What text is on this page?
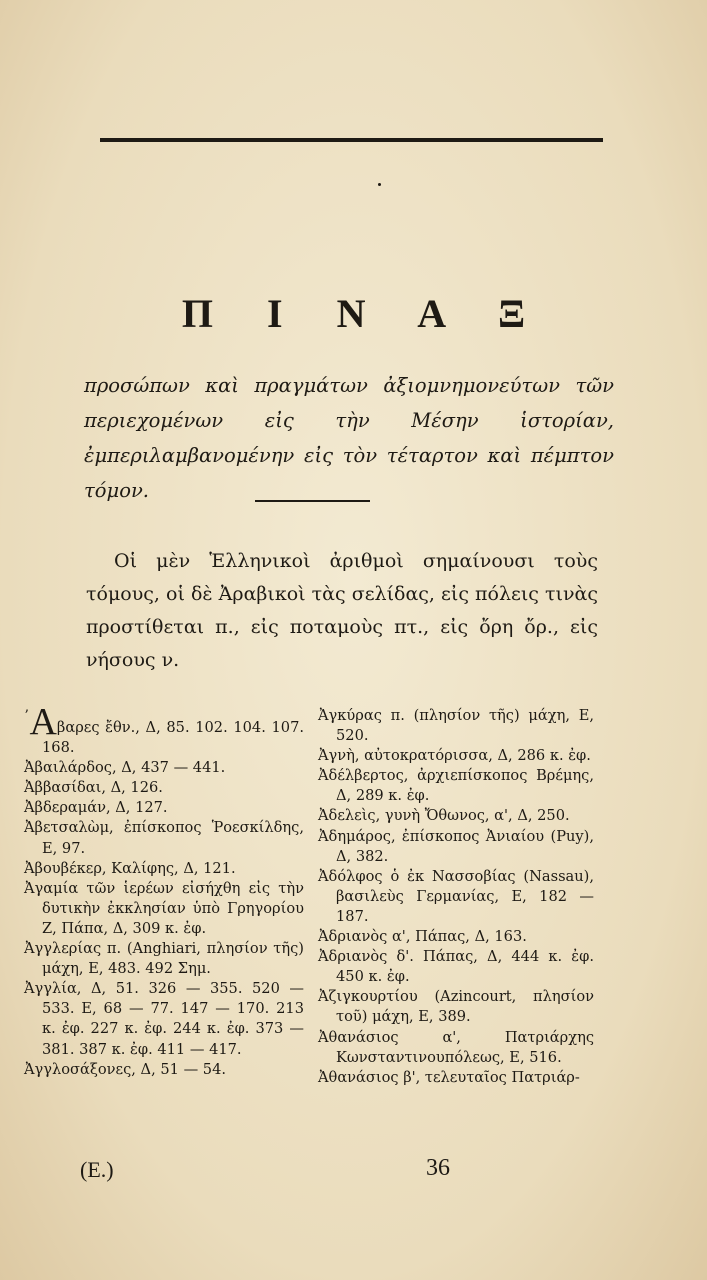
Π Ι Ν Α Ξ
προσώπων καὶ πραγμάτων ἀξιομνημονεύτων τῶν περιεχομένων εἰς τὴν Μέσην ἱστορίαν, ἐμπεριλαμβανομένην εἰς τὸν τέταρτον καὶ πέμπτον τόμον.
Οἱ μὲν Ἑλληνικοὶ ἀριθμοὶ σημαίνουσι τοὺς τόμους, οἱ δὲ Ἀραβικοὶ τὰς σελίδας, εἰς πόλεις τινὰς προστίθεται π., εἰς ποταμοὺς πτ., εἰς ὄρη ὄρ., εἰς νήσους ν.
ʼΑβαρες ἔθν., Δ, 85. 102. 104. 107. 168.
Ἀβαιλάρδος, Δ, 437 — 441.
Ἀββασίδαι, Δ, 126.
Ἀβδεραμάν, Δ, 127.
Ἀβετσαλὼμ, ἐπίσκοπος Ῥοεσκίλδης, Ε, 97.
Ἀβουβέκερ, Καλίφης, Δ, 121.
Ἀγαμία τῶν ἱερέων εἰσήχθη εἰς τὴν δυτικὴν ἐκκλησίαν ὑπὸ Γρηγορίου Ζ, Πάπα, Δ, 309 κ. ἐφ.
Ἀγγλερίας π. (Anghiari, πλησίον τῆς) μάχη, Ε, 483. 492 Σημ.
Ἀγγλία, Δ, 51. 326 — 355. 520 — 533. Ε, 68 — 77. 147 — 170. 213 κ. ἐφ. 227 κ. ἐφ. 244 κ. ἐφ. 373 — 381. 387 κ. ἐφ. 411 — 417.
Ἀγγλοσάξονες, Δ, 51 — 54.
Ἀγκύρας π. (πλησίον τῆς) μάχη, Ε, 520.
Ἀγνὴ, αὐτοκρατόρισσα, Δ, 286 κ. ἐφ.
Ἀδέλβερτος, ἀρχιεπίσκοπος Βρέμης, Δ, 289 κ. ἐφ.
Ἀδελεὶς, γυνὴ Ὄθωνος, α', Δ, 250.
Ἀδημάρος, ἐπίσκοπος Ἀνιαίου (Puy), Δ, 382.
Ἀδόλφος ὁ ἐκ Νασσοβίας (Nassau), βασιλεὺς Γερμανίας, Ε, 182 — 187.
Ἀδριανὸς α', Πάπας, Δ, 163.
Ἀδριανὸς δ'. Πάπας, Δ, 444 κ. ἐφ. 450 κ. ἐφ.
Ἀζιγκουρτίου (Azincourt, πλησίον τοῦ) μάχη, Ε, 389.
Ἀθανάσιος α', Πατριάρχης Κωνσταντινουπόλεως, Ε, 516.
Ἀθανάσιος β', τελευταῖος Πατριάρ-
(Ε.)	36
